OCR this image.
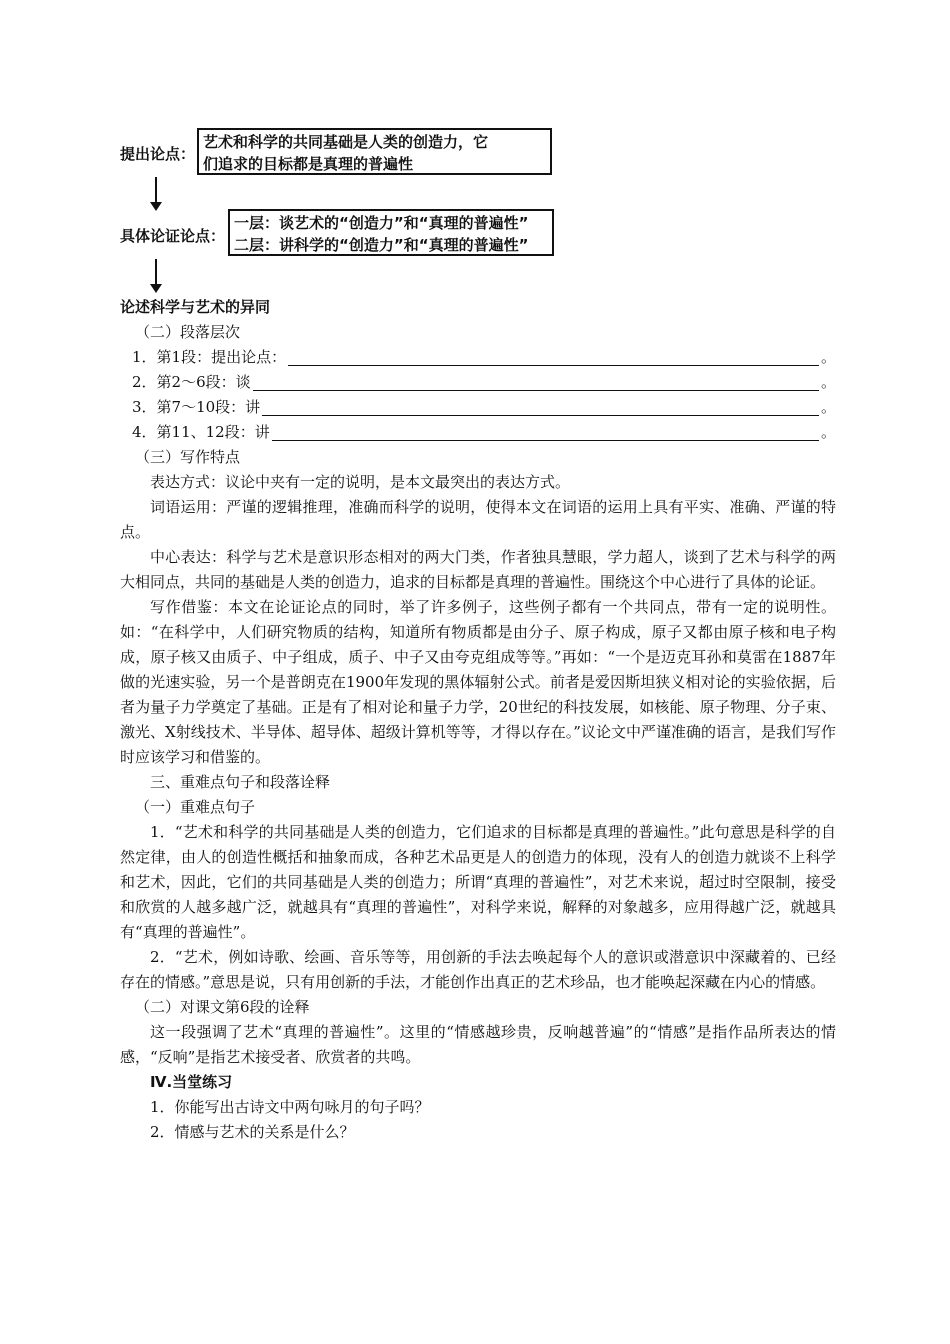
提出论点：
艺术和科学的共同基础是人类的创造力，它
们追求的目标都是真理的普遍性
具体论证论点：
一层：谈艺术的“创造力”和“真理的普遍性”
二层：讲科学的“创造力”和“真理的普遍性”

论述科学与艺术的异同

（二）段落层次

1．第1段：提出论点：	。
2．第2～6段：谈	。
3．第7～10段：讲	。
4．第11、12段：讲	。

（三）写作特点

表达方式：议论中夹有一定的说明，是本文最突出的表达方式。

词语运用：严谨的逻辑推理，准确而科学的说明，使得本文在词语的运用上具有平实、准确、严谨的特点。

中心表达：科学与艺术是意识形态相对的两大门类，作者独具慧眼，学力超人，谈到了艺术与科学的两大相同点，共同的基础是人类的创造力，追求的目标都是真理的普遍性。围绕这个中心进行了具体的论证。

写作借鉴：本文在论证论点的同时，举了许多例子，这些例子都有一个共同点，带有一定的说明性。如：“在科学中，人们研究物质的结构，知道所有物质都是由分子、原子构成，原子又都由原子核和电子构成，原子核又由质子、中子组成，质子、中子又由夸克组成等等。”再如：“一个是迈克耳孙和莫雷在1887年做的光速实验，另一个是普朗克在1900年发现的黑体辐射公式。前者是爱因斯坦狭义相对论的实验依据，后者为量子力学奠定了基础。正是有了相对论和量子力学，20世纪的科技发展，如核能、原子物理、分子束、激光、X射线技术、半导体、超导体、超级计算机等等，才得以存在。”议论文中严谨准确的语言，是我们写作时应该学习和借鉴的。

三、重难点句子和段落诠释

（一）重难点句子

1．“艺术和科学的共同基础是人类的创造力，它们追求的目标都是真理的普遍性。”此句意思是科学的自然定律，由人的创造性概括和抽象而成，各种艺术品更是人的创造力的体现，没有人的创造力就谈不上科学和艺术，因此，它们的共同基础是人类的创造力；所谓“真理的普遍性”，对艺术来说，超过时空限制，接受和欣赏的人越多越广泛，就越具有“真理的普遍性”，对科学来说，解释的对象越多，应用得越广泛，就越具有“真理的普遍性”。

2．“艺术，例如诗歌、绘画、音乐等等，用创新的手法去唤起每个人的意识或潜意识中深藏着的、已经存在的情感。”意思是说，只有用创新的手法，才能创作出真正的艺术珍品，也才能唤起深藏在内心的情感。

（二）对课文第6段的诠释

这一段强调了艺术“真理的普遍性”。这里的“情感越珍贵，反响越普遍”的“情感”是指作品所表达的情感，“反响”是指艺术接受者、欣赏者的共鸣。

Ⅳ.当堂练习

1．你能写出古诗文中两句咏月的句子吗？

2．情感与艺术的关系是什么？
